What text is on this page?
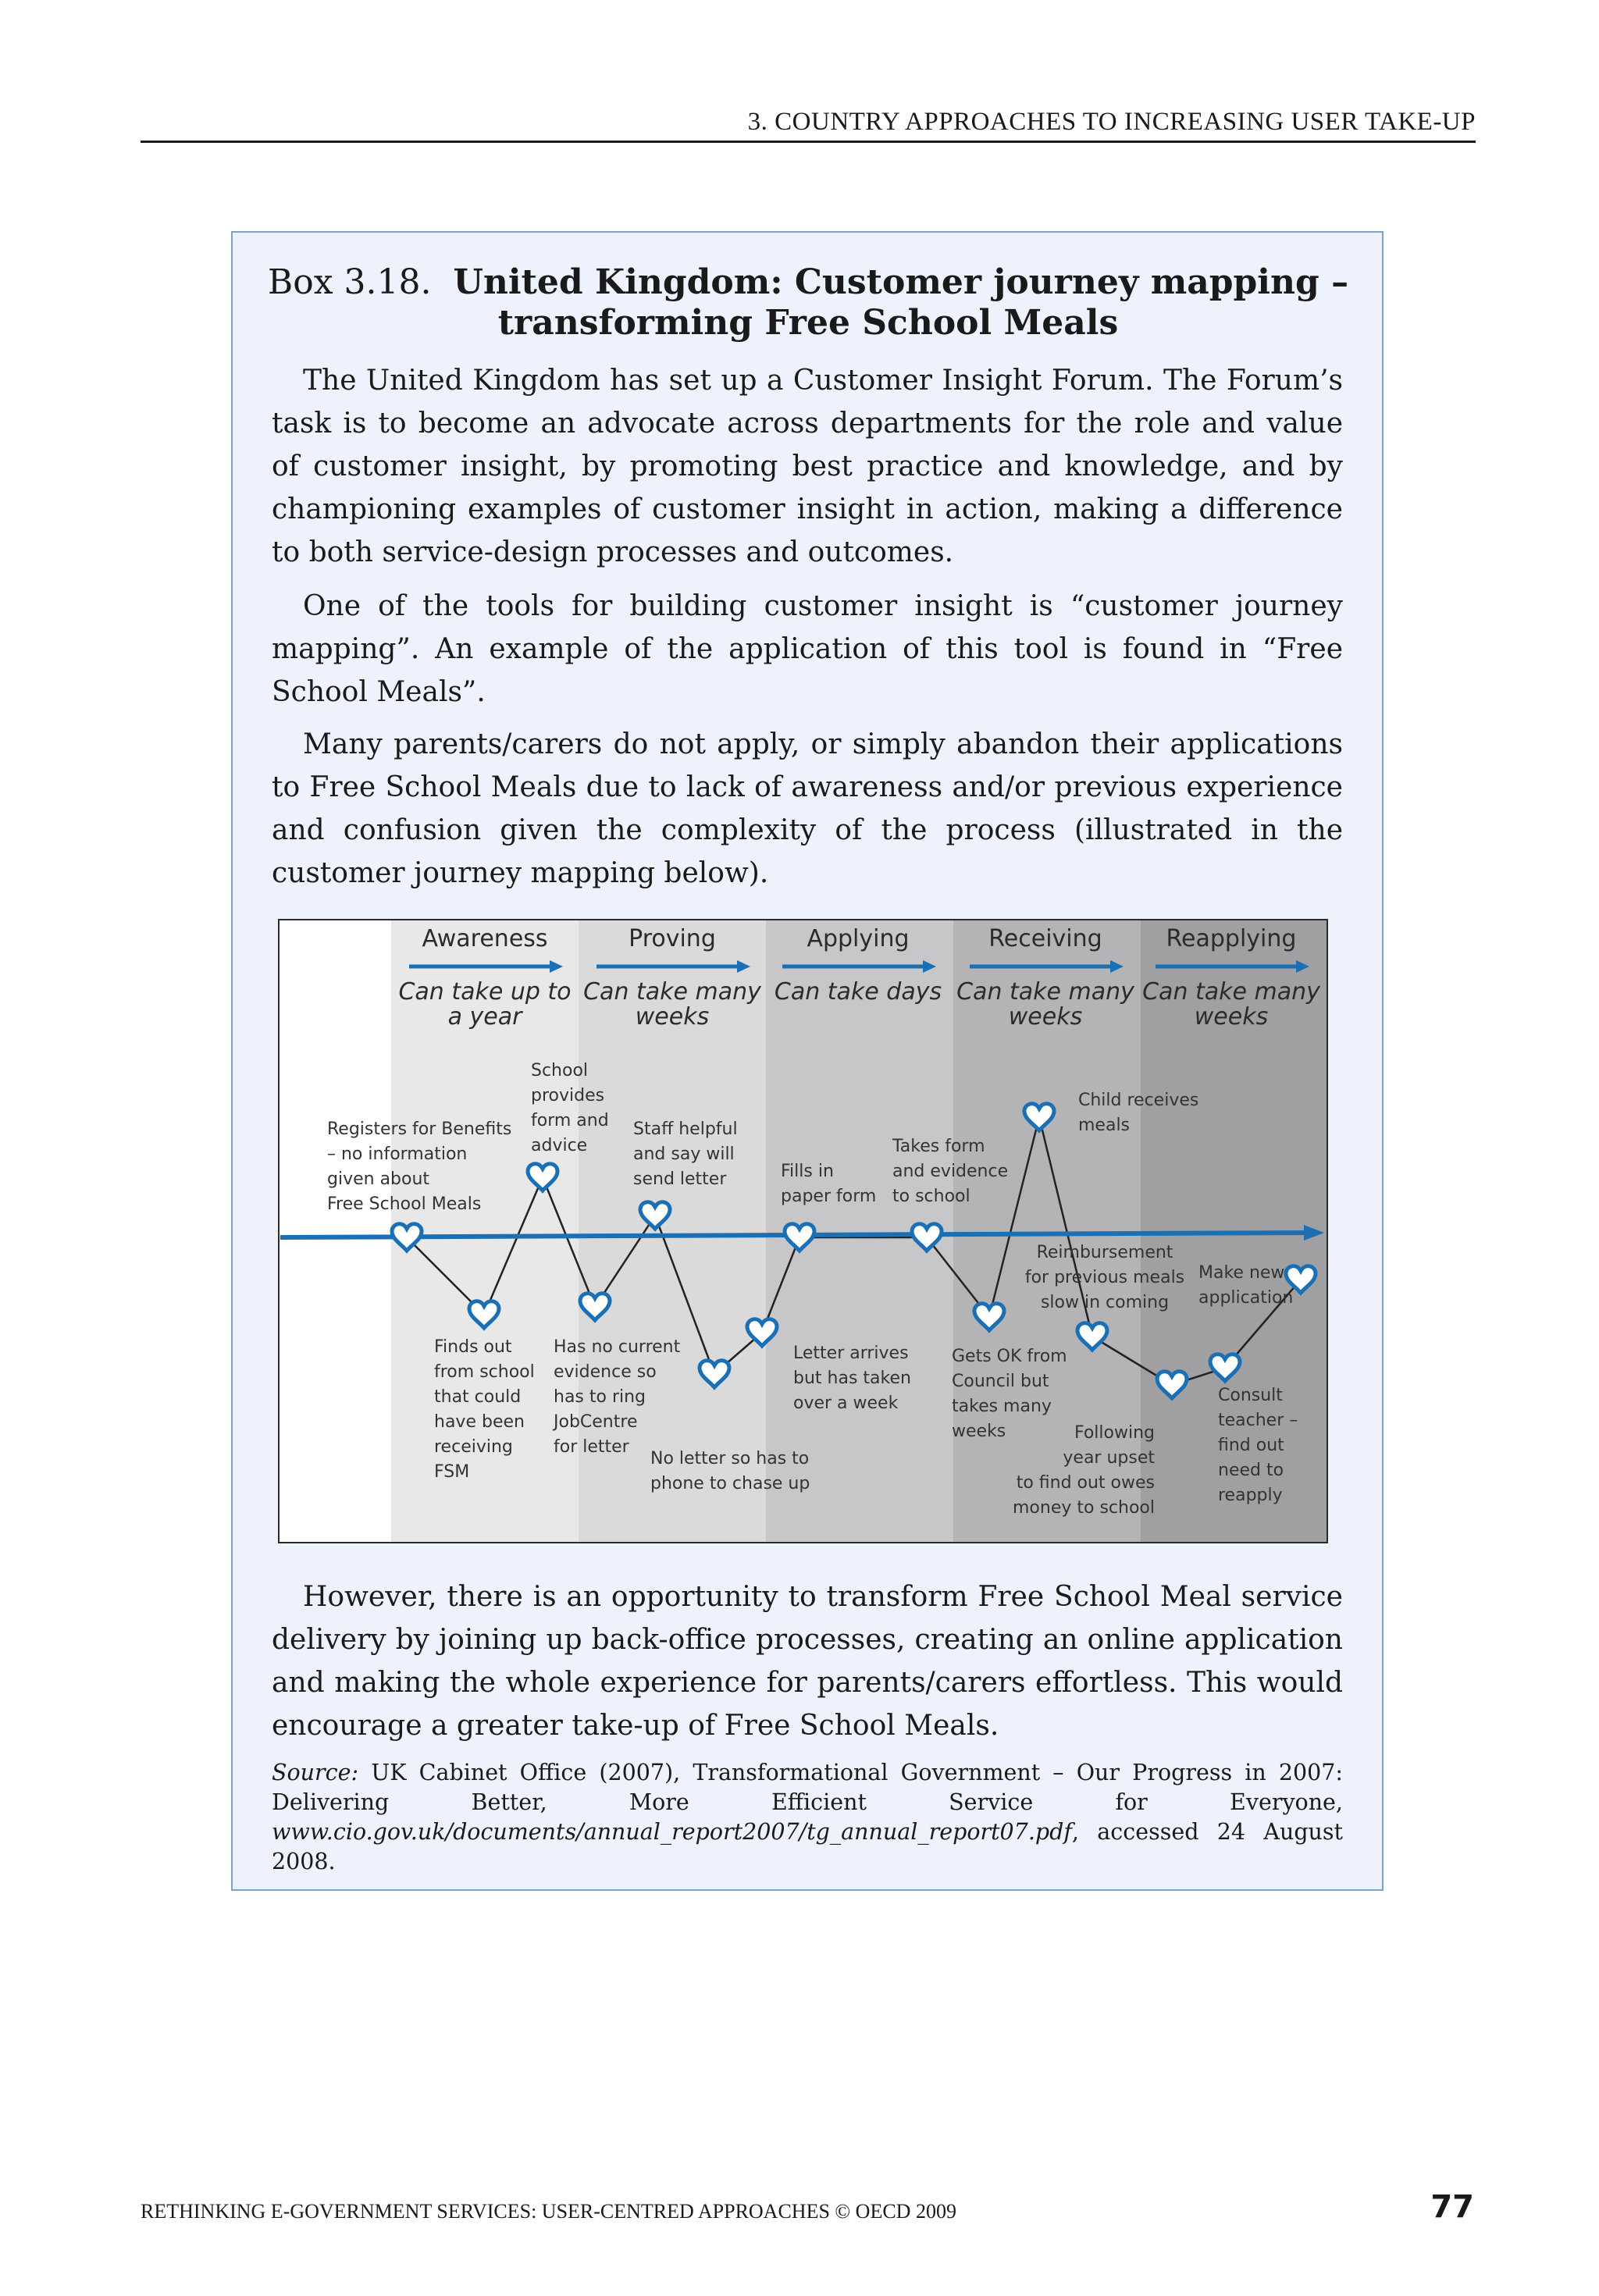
3. COUNTRY APPROACHES TO INCREASING USER TAKE-UP
Box 3.18. United Kingdom: Customer journey mapping –
transforming Free School Meals

The United Kingdom has set up a Customer Insight Forum. The Forum’s task is to become an advocate across departments for the role and value of customer insight, by promoting best practice and knowledge, and by championing examples of customer insight in action, making a difference to both service-design processes and outcomes.

One of the tools for building customer insight is “customer journey mapping”. An example of the application of this tool is found in “Free School Meals”.

Many parents/carers do not apply, or simply abandon their applications to Free School Meals due to lack of awareness and/or previous experience and confusion given the complexity of the process (illustrated in the customer journey mapping below).

Awareness
Can take up to
a year
Proving
Can take many
weeks
Applying
Can take days
Receiving
Can take many
weeks
Reapplying
Can take many
weeks
Registers for Benefits
– no information
given about
Free School Meals
Finds out
from school
that could
have been
receiving
FSM
School
provides
form and
advice
Has no current
evidence so
has to ring
JobCentre
for letter
Staff helpful
and say will
send letter
No letter so has to
phone to chase up
Letter arrives
but has taken
over a week
Fills in
paper form
Takes form
and evidence
to school
Gets OK from
Council but
takes many
weeks
Child receives
meals
Reimbursement
for previous meals
slow in coming
Following
year upset
to find out owes
money to school
Consult
teacher –
find out
need to
reapply
Make new
application

However, there is an opportunity to transform Free School Meal service delivery by joining up back-office processes, creating an online application and making the whole experience for parents/carers effortless. This would encourage a greater take-up of Free School Meals.

Source: UK Cabinet Office (2007), Transformational Government – Our Progress in 2007: Delivering Better, More Efficient Service for Everyone, www.cio.gov.uk/documents/annual_report2007/tg_annual_report07.pdf, accessed 24 August 2008.

RETHINKING E-GOVERNMENT SERVICES: USER-CENTRED APPROACHES © OECD 2009	77
